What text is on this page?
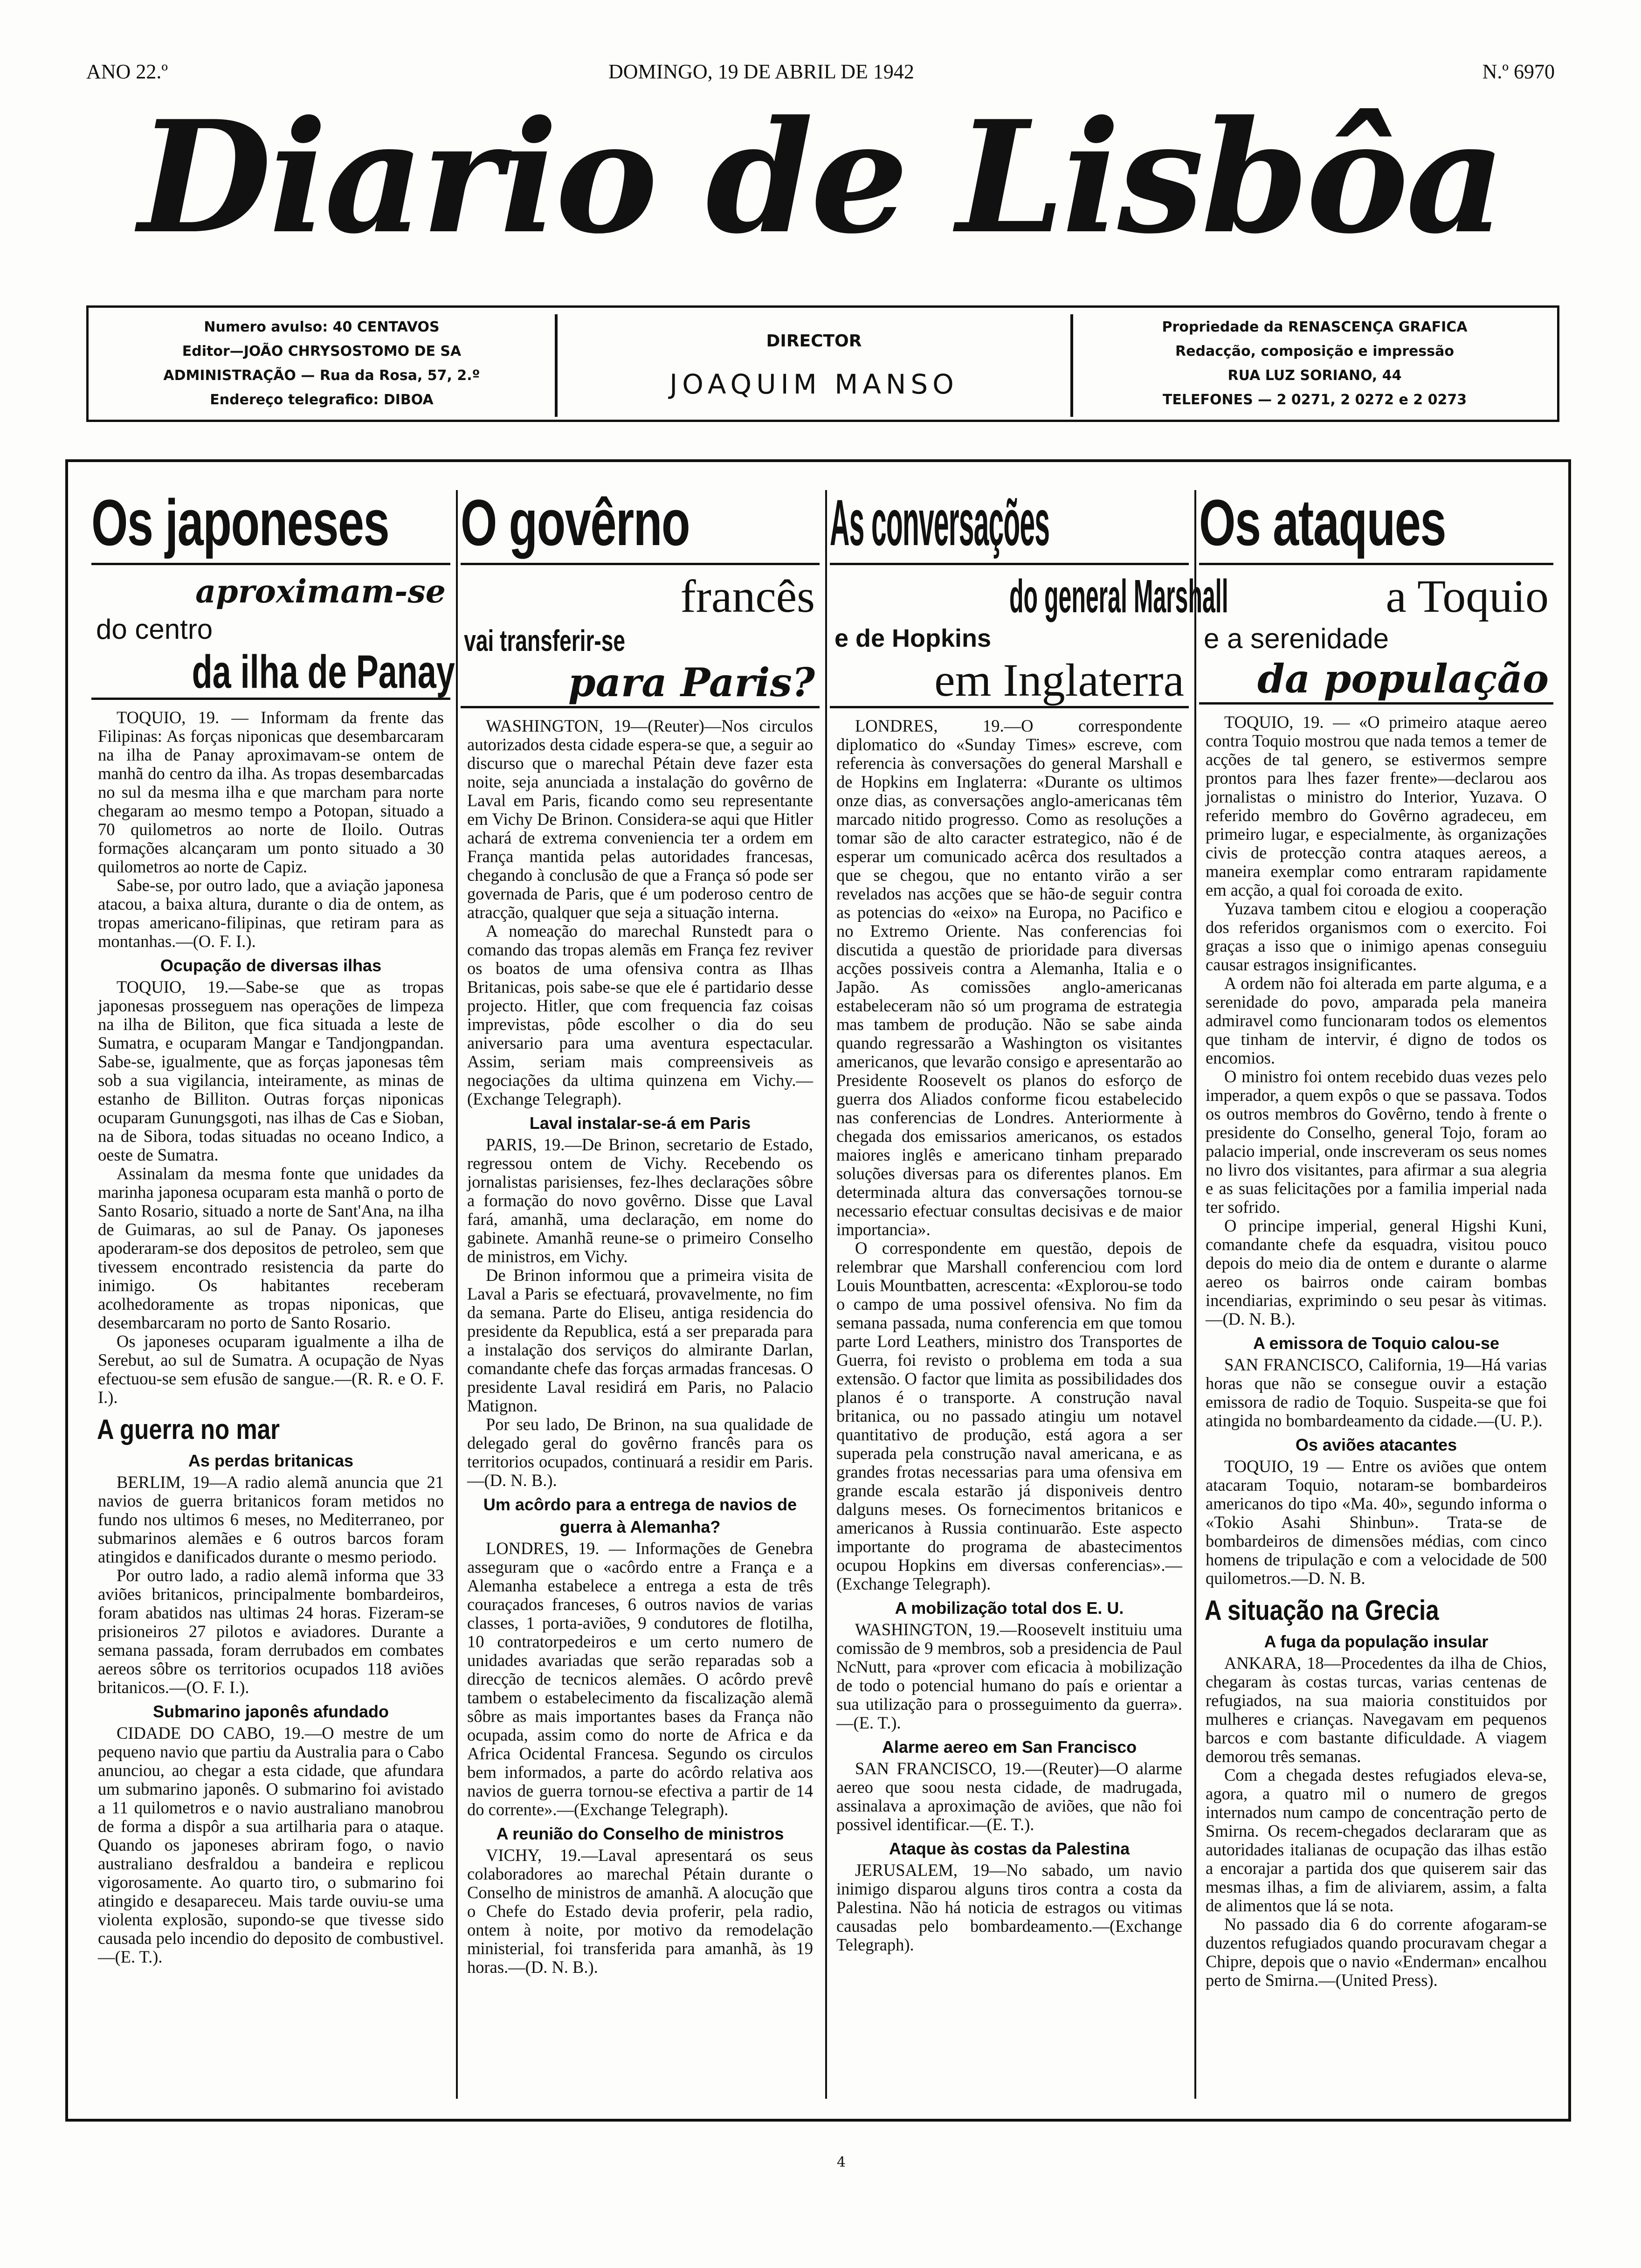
ANO 22.º	DOMINGO, 19 DE ABRIL DE 1942	N.º 6970
Diario de Lisbôa
Numero avulso: 40 CENTAVOS
Editor—JOÃO CHRYSOSTOMO DE SA
ADMINISTRAÇÃO — Rua da Rosa, 57, 2.º
Endereço telegrafico: DIBOA
DIRECTOR
JOAQUIM MANSO
Propriedade da RENASCENÇA GRAFICA
Redacção, composição e impressão
RUA LUZ SORIANO, 44
TELEFONES — 2 0271, 2 0272 e 2 0273
Os japoneses
aproximam-se
do centro
da ilha de Panay

TOQUIO, 19. — Informam da frente das Filipinas: As forças niponicas que desembarcaram na ilha de Panay aproximavam-se ontem de manhã do centro da ilha. As tropas desembarcadas no sul da mesma ilha e que marcham para norte chegaram ao mesmo tempo a Potopan, situado a 70 quilometros ao norte de Iloilo. Outras formações alcançaram um ponto situado a 30 quilometros ao norte de Capiz.

Sabe-se, por outro lado, que a aviação japonesa atacou, a baixa altura, durante o dia de ontem, as tropas americano-filipinas, que retiram para as montanhas.—(O. F. I.).

Ocupação de diversas ilhas

TOQUIO, 19.—Sabe-se que as tropas japonesas prosseguem nas operações de limpeza na ilha de Biliton, que fica situada a leste de Sumatra, e ocuparam Mangar e Tandjongpandan. Sabe-se, igualmente, que as forças japonesas têm sob a sua vigilancia, inteiramente, as minas de estanho de Billiton. Outras forças niponicas ocuparam Gunungsgoti, nas ilhas de Cas e Sioban, na de Sibora, todas situadas no oceano Indico, a oeste de Sumatra.

Assinalam da mesma fonte que unidades da marinha japonesa ocuparam esta manhã o porto de Santo Rosario, situado a norte de Sant'Ana, na ilha de Guimaras, ao sul de Panay. Os japoneses apoderaram-se dos depositos de petroleo, sem que tivessem encontrado resistencia da parte do inimigo. Os habitantes receberam acolhedoramente as tropas niponicas, que desembarcaram no porto de Santo Rosario.

Os japoneses ocuparam igualmente a ilha de Serebut, ao sul de Sumatra. A ocupação de Nyas efectuou-se sem efusão de sangue.—(R. R. e O. F. I.).

A guerra no mar
As perdas britanicas

BERLIM, 19—A radio alemã anuncia que 21 navios de guerra britanicos foram metidos no fundo nos ultimos 6 meses, no Mediterraneo, por submarinos alemães e 6 outros barcos foram atingidos e danificados durante o mesmo periodo.

Por outro lado, a radio alemã informa que 33 aviões britanicos, principalmente bombardeiros, foram abatidos nas ultimas 24 horas. Fizeram-se prisioneiros 27 pilotos e aviadores. Durante a semana passada, foram derrubados em combates aereos sôbre os territorios ocupados 118 aviões britanicos.—(O. F. I.).

Submarino japonês afundado

CIDADE DO CABO, 19.—O mestre de um pequeno navio que partiu da Australia para o Cabo anunciou, ao chegar a esta cidade, que afundara um submarino japonês. O submarino foi avistado a 11 quilometros e o navio australiano manobrou de forma a dispôr a sua artilharia para o ataque. Quando os japoneses abriram fogo, o navio australiano desfraldou a bandeira e replicou vigorosamente. Ao quarto tiro, o submarino foi atingido e desapareceu. Mais tarde ouviu-se uma violenta explosão, supondo-se que tivesse sido causada pelo incendio do deposito de combustivel.—(E. T.).

O govêrno
francês
vai transferir-se
para Paris?

WASHINGTON, 19—(Reuter)—Nos circulos autorizados desta cidade espera-se que, a seguir ao discurso que o marechal Pétain deve fazer esta noite, seja anunciada a instalação do govêrno de Laval em Paris, ficando como seu representante em Vichy De Brinon. Considera-se aqui que Hitler achará de extrema conveniencia ter a ordem em França mantida pelas autoridades francesas, chegando à conclusão de que a França só pode ser governada de Paris, que é um poderoso centro de atracção, qualquer que seja a situação interna.

A nomeação do marechal Runstedt para o comando das tropas alemãs em França fez reviver os boatos de uma ofensiva contra as Ilhas Britanicas, pois sabe-se que ele é partidario desse projecto. Hitler, que com frequencia faz coisas imprevistas, pôde escolher o dia do seu aniversario para uma aventura espectacular. Assim, seriam mais compreensiveis as negociações da ultima quinzena em Vichy.—(Exchange Telegraph).

Laval instalar-se-á em Paris

PARIS, 19.—De Brinon, secretario de Estado, regressou ontem de Vichy. Recebendo os jornalistas parisienses, fez-lhes declarações sôbre a formação do novo govêrno. Disse que Laval fará, amanhã, uma declaração, em nome do gabinete. Amanhã reune-se o primeiro Conselho de ministros, em Vichy.

De Brinon informou que a primeira visita de Laval a Paris se efectuará, provavelmente, no fim da semana. Parte do Eliseu, antiga residencia do presidente da Republica, está a ser preparada para a instalação dos serviços do almirante Darlan, comandante chefe das forças armadas francesas. O presidente Laval residirá em Paris, no Palacio Matignon.

Por seu lado, De Brinon, na sua qualidade de delegado geral do govêrno francês para os territorios ocupados, continuará a residir em Paris.—(D. N. B.).

Um acôrdo para a entrega de navios de guerra à Alemanha?

LONDRES, 19. — Informações de Genebra asseguram que o «acôrdo entre a França e a Alemanha estabelece a entrega a esta de três couraçados franceses, 6 outros navios de varias classes, 1 porta-aviões, 9 condutores de flotilha, 10 contratorpedeiros e um certo numero de unidades avariadas que serão reparadas sob a direcção de tecnicos alemães. O acôrdo prevê tambem o estabelecimento da fiscalização alemã sôbre as mais importantes bases da França não ocupada, assim como do norte de Africa e da Africa Ocidental Francesa. Segundo os circulos bem informados, a parte do acôrdo relativa aos navios de guerra tornou-se efectiva a partir de 14 do corrente».—(Exchange Telegraph).

A reunião do Conselho de ministros

VICHY, 19.—Laval apresentará os seus colaboradores ao marechal Pétain durante o Conselho de ministros de amanhã. A alocução que o Chefe do Estado devia proferir, pela radio, ontem à noite, por motivo da remodelação ministerial, foi transferida para amanhã, às 19 horas.—(D. N. B.).

As conversações
do general Marshall
e de Hopkins
em Inglaterra

LONDRES, 19.—O correspondente diplomatico do «Sunday Times» escreve, com referencia às conversações do general Marshall e de Hopkins em Inglaterra: «Durante os ultimos onze dias, as conversações anglo-americanas têm marcado nitido progresso. Como as resoluções a tomar são de alto caracter estrategico, não é de esperar um comunicado acêrca dos resultados a que se chegou, que no entanto virão a ser revelados nas acções que se hão-de seguir contra as potencias do «eixo» na Europa, no Pacifico e no Extremo Oriente. Nas conferencias foi discutida a questão de prioridade para diversas acções possiveis contra a Alemanha, Italia e o Japão. As comissões anglo-americanas estabeleceram não só um programa de estrategia mas tambem de produção. Não se sabe ainda quando regressarão a Washington os visitantes americanos, que levarão consigo e apresentarão ao Presidente Roosevelt os planos do esforço de guerra dos Aliados conforme ficou estabelecido nas conferencias de Londres. Anteriormente à chegada dos emissarios americanos, os estados maiores inglês e americano tinham preparado soluções diversas para os diferentes planos. Em determinada altura das conversações tornou-se necessario efectuar consultas decisivas e de maior importancia».

O correspondente em questão, depois de relembrar que Marshall conferenciou com lord Louis Mountbatten, acrescenta: «Explorou-se todo o campo de uma possivel ofensiva. No fim da semana passada, numa conferencia em que tomou parte Lord Leathers, ministro dos Transportes de Guerra, foi revisto o problema em toda a sua extensão. O factor que limita as possibilidades dos planos é o transporte. A construção naval britanica, ou no passado atingiu um notavel quantitativo de produção, está agora a ser superada pela construção naval americana, e as grandes frotas necessarias para uma ofensiva em grande escala estarão já disponiveis dentro dalguns meses. Os fornecimentos britanicos e americanos à Russia continuarão. Este aspecto importante do programa de abastecimentos ocupou Hopkins em diversas conferencias».—(Exchange Telegraph).

A mobilização total dos E. U.

WASHINGTON, 19.—Roosevelt instituiu uma comissão de 9 membros, sob a presidencia de Paul NcNutt, para «prover com eficacia à mobilização de todo o potencial humano do país e orientar a sua utilização para o prosseguimento da guerra».—(E. T.).

Alarme aereo em San Francisco

SAN FRANCISCO, 19.—(Reuter)—O alarme aereo que soou nesta cidade, de madrugada, assinalava a aproximação de aviões, que não foi possivel identificar.—(E. T.).

Ataque às costas da Palestina

JERUSALEM, 19—No sabado, um navio inimigo disparou alguns tiros contra a costa da Palestina. Não há noticia de estragos ou vitimas causadas pelo bombardeamento.—(Exchange Telegraph).

Os ataques
a Toquio
e a serenidade
da população

TOQUIO, 19. — «O primeiro ataque aereo contra Toquio mostrou que nada temos a temer de acções de tal genero, se estivermos sempre prontos para lhes fazer frente»—declarou aos jornalistas o ministro do Interior, Yuzava. O referido membro do Govêrno agradeceu, em primeiro lugar, e especialmente, às organizações civis de protecção contra ataques aereos, a maneira exemplar como entraram rapidamente em acção, a qual foi coroada de exito.

Yuzava tambem citou e elogiou a cooperação dos referidos organismos com o exercito. Foi graças a isso que o inimigo apenas conseguiu causar estragos insignificantes.

A ordem não foi alterada em parte alguma, e a serenidade do povo, amparada pela maneira admiravel como funcionaram todos os elementos que tinham de intervir, é digno de todos os encomios.

O ministro foi ontem recebido duas vezes pelo imperador, a quem expôs o que se passava. Todos os outros membros do Govêrno, tendo à frente o presidente do Conselho, general Tojo, foram ao palacio imperial, onde inscreveram os seus nomes no livro dos visitantes, para afirmar a sua alegria e as suas felicitações por a familia imperial nada ter sofrido.

O principe imperial, general Higshi Kuni, comandante chefe da esquadra, visitou pouco depois do meio dia de ontem e durante o alarme aereo os bairros onde cairam bombas incendiarias, exprimindo o seu pesar às vitimas.—(D. N. B.).

A emissora de Toquio calou-se

SAN FRANCISCO, California, 19—Há varias horas que não se consegue ouvir a estação emissora de radio de Toquio. Suspeita-se que foi atingida no bombardeamento da cidade.—(U. P.).

Os aviões atacantes

TOQUIO, 19 — Entre os aviões que ontem atacaram Toquio, notaram-se bombardeiros americanos do tipo «Ma. 40», segundo informa o «Tokio Asahi Shinbun». Trata-se de bombardeiros de dimensões médias, com cinco homens de tripulação e com a velocidade de 500 quilometros.—D. N. B.

A situação na Grecia
A fuga da população insular

ANKARA, 18—Procedentes da ilha de Chios, chegaram às costas turcas, varias centenas de refugiados, na sua maioria constituidos por mulheres e crianças. Navegavam em pequenos barcos e com bastante dificuldade. A viagem demorou três semanas.

Com a chegada destes refugiados eleva-se, agora, a quatro mil o numero de gregos internados num campo de concentração perto de Smirna. Os recem-chegados declararam que as autoridades italianas de ocupação das ilhas estão a encorajar a partida dos que quiserem sair das mesmas ilhas, a fim de aliviarem, assim, a falta de alimentos que lá se nota.

No passado dia 6 do corrente afogaram-se duzentos refugiados quando procuravam chegar a Chipre, depois que o navio «Enderman» encalhou perto de Smirna.—(United Press).

4
